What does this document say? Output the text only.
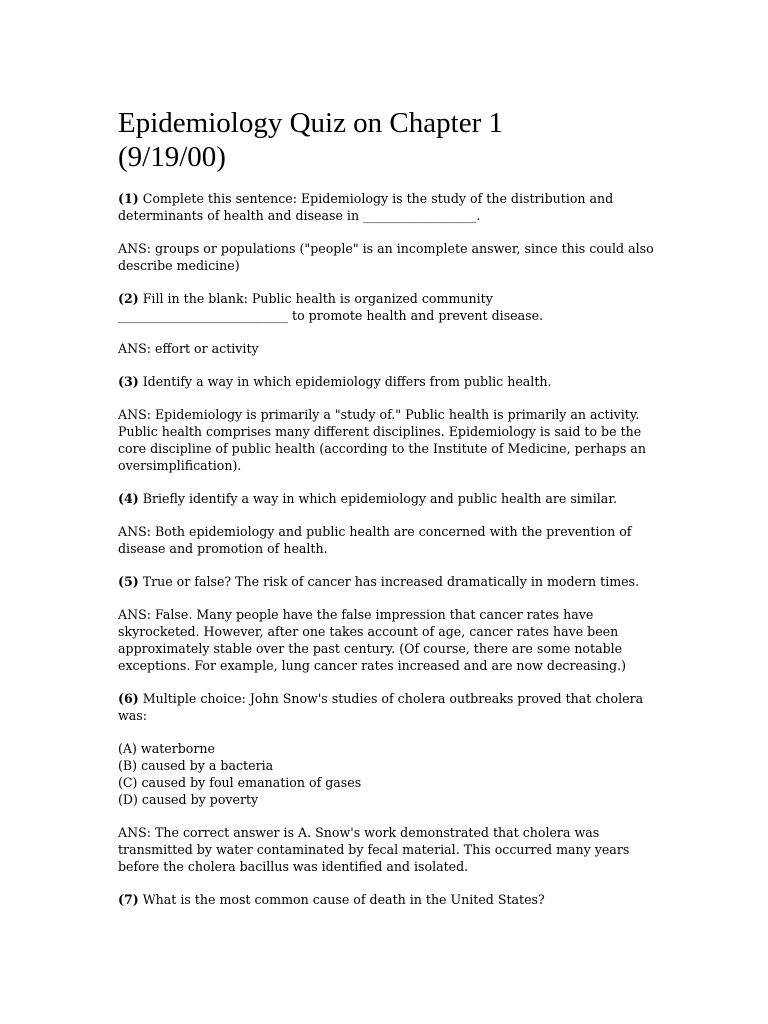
Epidemiology Quiz on Chapter 1
(9/19/00)

(1) Complete this sentence: Epidemiology is the study of the distribution and determinants of health and disease in __________________.

ANS: groups or populations ("people" is an incomplete answer, since this could also describe medicine)

(2) Fill in the blank: Public health is organized community
___________________________ to promote health and prevent disease.

ANS: effort or activity

(3) Identify a way in which epidemiology differs from public health.

ANS: Epidemiology is primarily a "study of." Public health is primarily an activity. Public health comprises many different disciplines. Epidemiology is said to be the core discipline of public health (according to the Institute of Medicine, perhaps an oversimplification).

(4) Briefly identify a way in which epidemiology and public health are similar.

ANS: Both epidemiology and public health are concerned with the prevention of disease and promotion of health.

(5) True or false? The risk of cancer has increased dramatically in modern times.

ANS: False. Many people have the false impression that cancer rates have skyrocketed. However, after one takes account of age, cancer rates have been approximately stable over the past century. (Of course, there are some notable exceptions. For example, lung cancer rates increased and are now decreasing.)

(6) Multiple choice: John Snow's studies of cholera outbreaks proved that cholera was:

(A) waterborne
(B) caused by a bacteria
(C) caused by foul emanation of gases
(D) caused by poverty

ANS: The correct answer is A. Snow's work demonstrated that cholera was transmitted by water contaminated by fecal material. This occurred many years before the cholera bacillus was identified and isolated.

(7) What is the most common cause of death in the United States?
